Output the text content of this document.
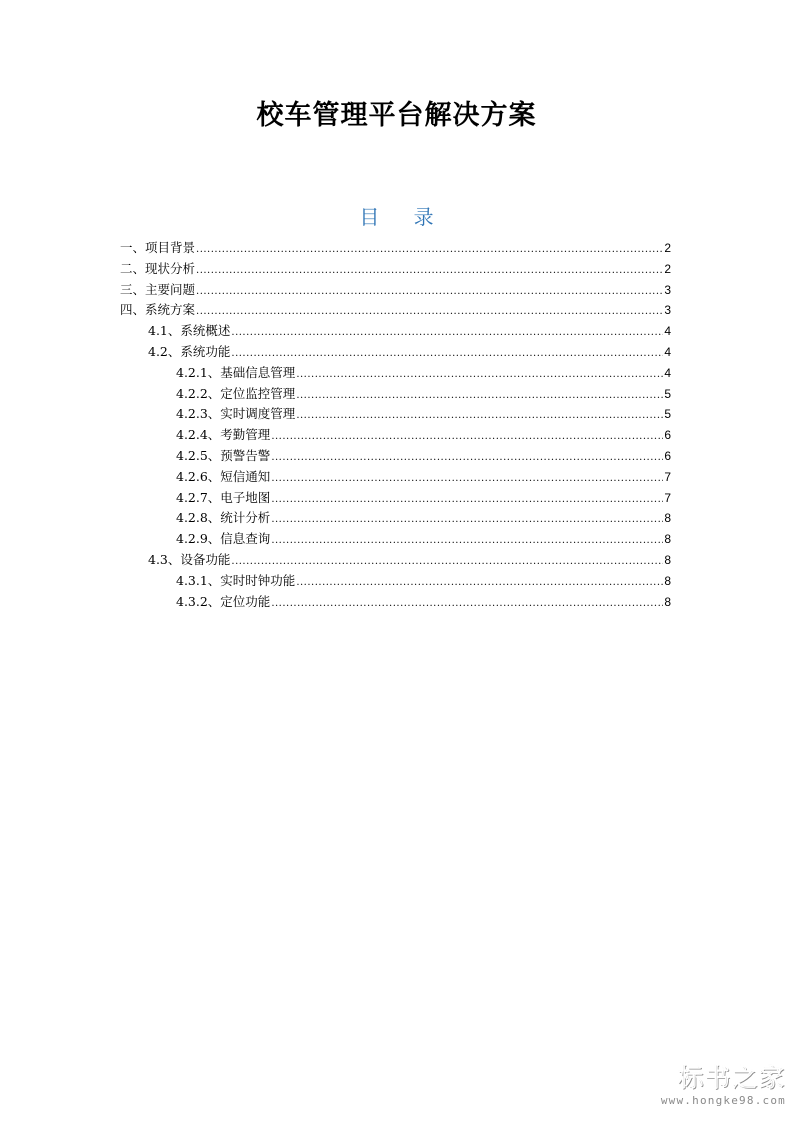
校车管理平台解决方案
目 录
一、项目背景 .....	2
二、现状分析 .....	2
三、主要问题 .....	3
四、系统方案 .....	3
4.1、系统概述 .....	4
4.2、系统功能 .....	4
4.2.1、基础信息管理 .....	4
4.2.2、定位监控管理 .....	5
4.2.3、实时调度管理 .....	5
4.2.4、考勤管理 .....	6
4.2.5、预警告警 .....	6
4.2.6、短信通知 .....	7
4.2.7、电子地图 .....	7
4.2.8、统计分析 .....	8
4.2.9、信息查询 .....	8
4.3、设备功能 .....	8
4.3.1、实时时钟功能 .....	8
4.3.2、定位功能 .....	8
标书之家
www.hongke98.com
